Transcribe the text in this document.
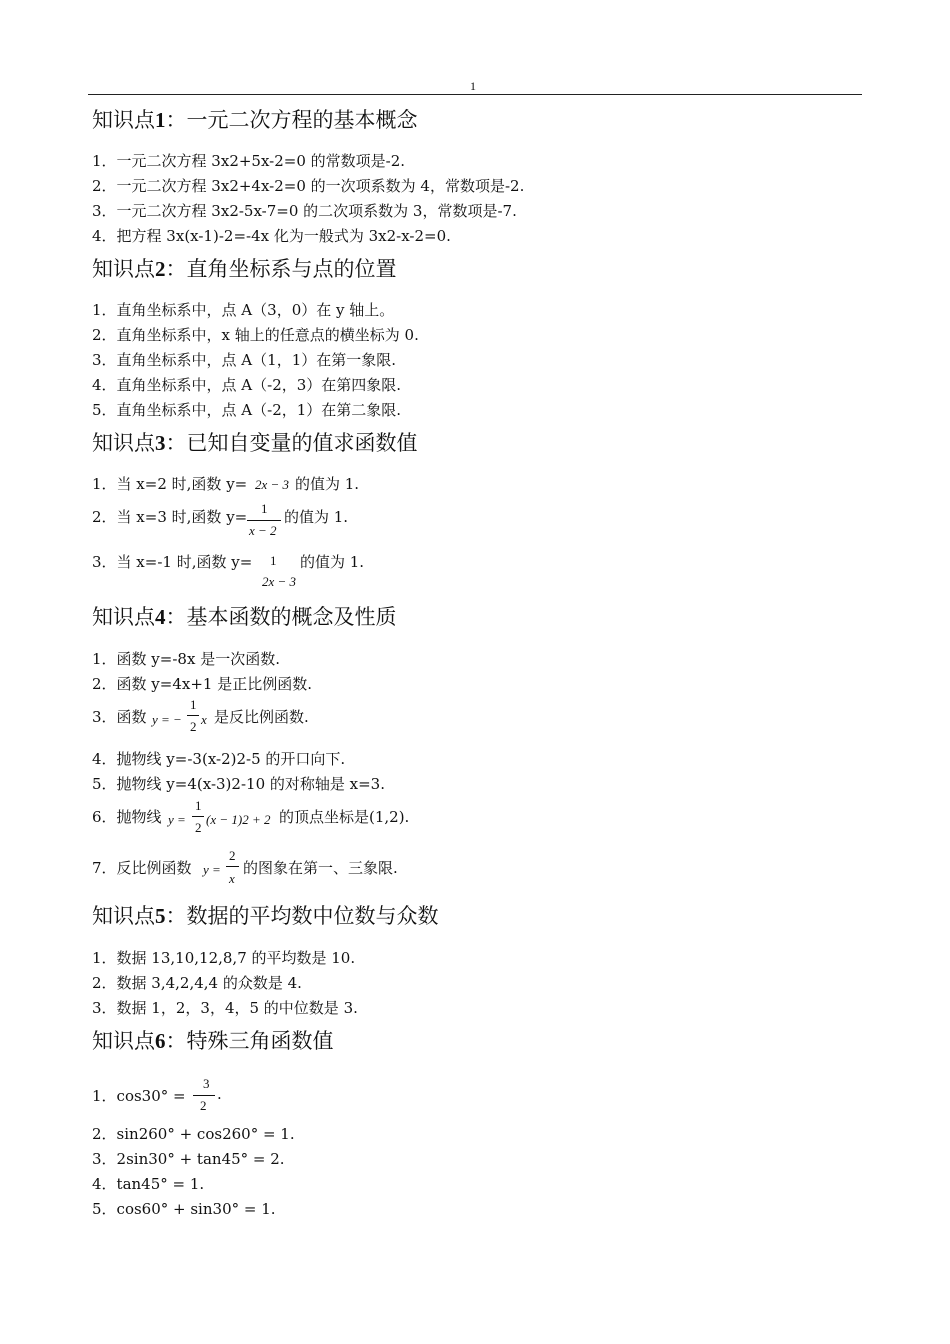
1
知识点1：一元二次方程的基本概念
1．一元二次方程 3x2+5x-2=0 的常数项是-2.
2．一元二次方程 3x2+4x-2=0 的一次项系数为 4，常数项是-2.
3．一元二次方程 3x2-5x-7=0 的二次项系数为 3，常数项是-7.
4．把方程 3x(x-1)-2=-4x 化为一般式为 3x2-x-2=0.
知识点2：直角坐标系与点的位置
1．直角坐标系中，点 A（3，0）在 y 轴上。
2．直角坐标系中，x 轴上的任意点的横坐标为 0.
3．直角坐标系中，点 A（1，1）在第一象限.
4．直角坐标系中，点 A（-2，3）在第四象限.
5．直角坐标系中，点 A（-2，1）在第二象限.
知识点3：已知自变量的值求函数值
1．当 x=2 时,函数 y= 2x − 3 的值为 1.
2．当 x=3 时,函数 y= 1
x − 2
的值为 1.
3．当 x=-1 时,函数 y= 1
2x − 3
的值为 1.
知识点4：基本函数的概念及性质
1．函数 y=-8x 是一次函数.
2．函数 y=4x+1 是正比例函数.
3．函数 y = −
1
2 x 是反比例函数.
4．抛物线 y=-3(x-2)2-5 的开口向下.
5．抛物线 y=4(x-3)2-10 的对称轴是 x=3.
6．抛物线 y =
1
2
(x − 1)2 + 2 的顶点坐标是(1,2).
7．反比例函数 y =
2
x
的图象在第一、三象限.
知识点5：数据的平均数中位数与众数
1．数据 13,10,12,8,7 的平均数是 10.
2．数据 3,4,2,4,4 的众数是 4.
3．数据 1，2，3，4，5 的中位数是 3.
知识点6：特殊三角函数值
1．cos30° =
3
2
.
2．sin260° + cos260° = 1.
3．2sin30° + tan45° = 2.
4．tan45° = 1.
5．cos60° + sin30° = 1.
